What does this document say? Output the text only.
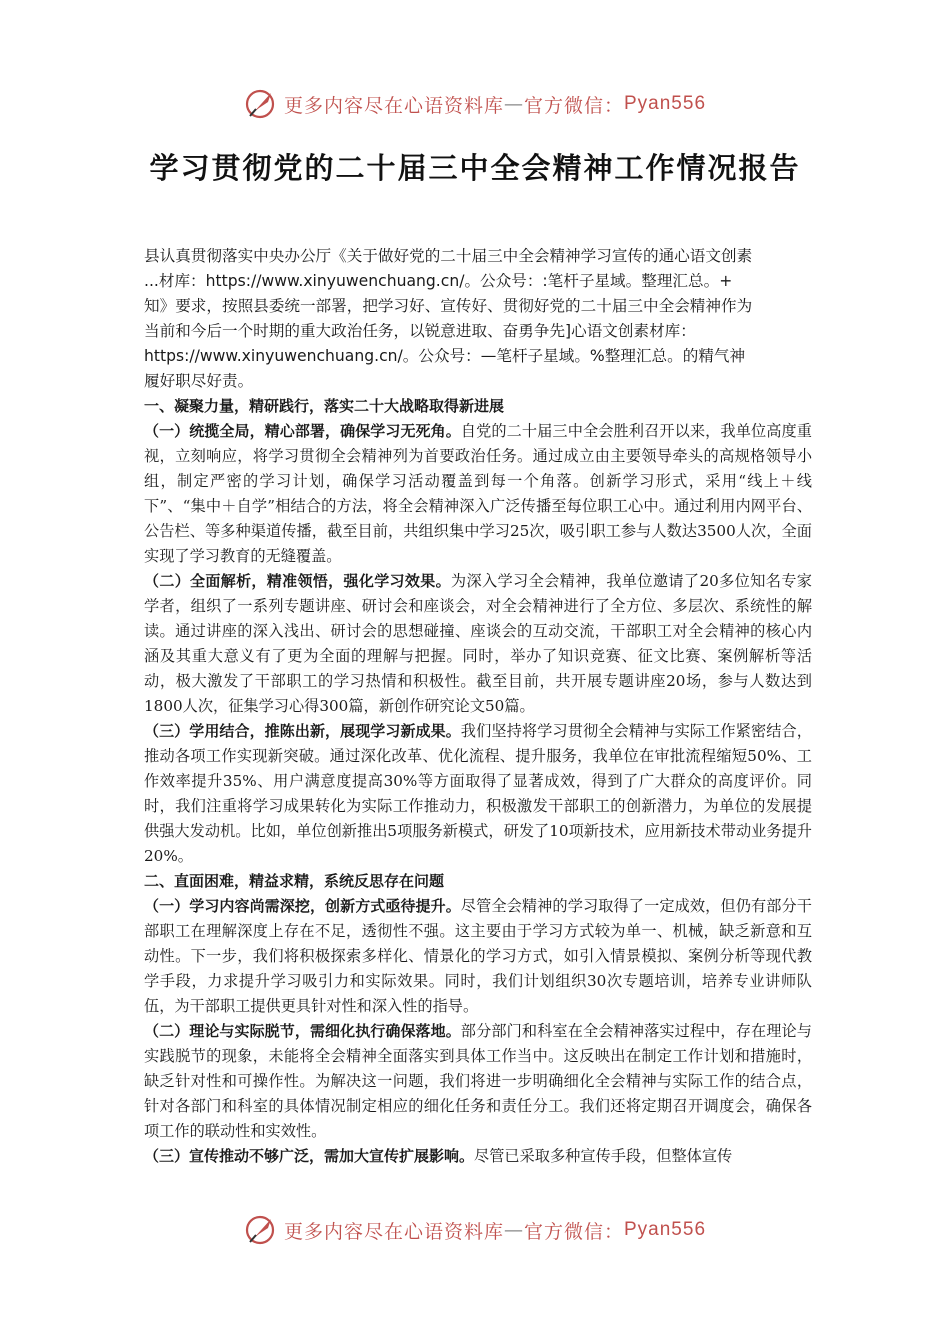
更多内容尽在心语资料库 — 官方微信： Pyan556
学习贯彻党的二十届三中全会精神工作情况报告

县认真贯彻落实中央办公厅《关于做好党的二十届三中全会精神学习宣传的通心语文创素

...材库：https://www.xinyuwenchuang.cn/。公众号：:笔杆子星域。整理汇总。+

知》要求，按照县委统一部署，把学习好、宣传好、贯彻好党的二十届三中全会精神作为

当前和今后一个时期的重大政治任务，以锐意进取、奋勇争先]心语文创素材库：

https://www.xinyuwenchuang.cn/。公众号：—笔杆子星域。%整理汇总。的精气神

履好职尽好责。

一、凝聚力量，精研践行，落实二十大战略取得新进展

（一）统揽全局，精心部署，确保学习无死角。自党的二十届三中全会胜利召开以来，我单位高度重视，立刻响应，将学习贯彻全会精神列为首要政治任务。通过成立由主要领导牵头的高规格领导小组，制定严密的学习计划，确保学习活动覆盖到每一个角落。创新学习形式，采用“线上＋线下”、“集中＋自学”相结合的方法，将全会精神深入广泛传播至每位职工心中。通过利用内网平台、公告栏、等多种渠道传播，截至目前，共组织集中学习25次，吸引职工参与人数达3500人次，全面实现了学习教育的无缝覆盖。

（二）全面解析，精准领悟，强化学习效果。为深入学习全会精神，我单位邀请了20多位知名专家学者，组织了一系列专题讲座、研讨会和座谈会，对全会精神进行了全方位、多层次、系统性的解读。通过讲座的深入浅出、研讨会的思想碰撞、座谈会的互动交流，干部职工对全会精神的核心内涵及其重大意义有了更为全面的理解与把握。同时，举办了知识竞赛、征文比赛、案例解析等活动，极大激发了干部职工的学习热情和积极性。截至目前，共开展专题讲座20场，参与人数达到1800人次，征集学习心得300篇，新创作研究论文50篇。

（三）学用结合，推陈出新，展现学习新成果。我们坚持将学习贯彻全会精神与实际工作紧密结合，推动各项工作实现新突破。通过深化改革、优化流程、提升服务，我单位在审批流程缩短50%、工作效率提升35%、用户满意度提高30%等方面取得了显著成效，得到了广大群众的高度评价。同时，我们注重将学习成果转化为实际工作推动力，积极激发干部职工的创新潜力，为单位的发展提供强大发动机。比如，单位创新推出5项服务新模式，研发了10项新技术，应用新技术带动业务提升20%。

二、直面困难，精益求精，系统反思存在问题

（一）学习内容尚需深挖，创新方式亟待提升。尽管全会精神的学习取得了一定成效，但仍有部分干部职工在理解深度上存在不足，透彻性不强。这主要由于学习方式较为单一、机械，缺乏新意和互动性。下一步，我们将积极探索多样化、情景化的学习方式，如引入情景模拟、案例分析等现代教学手段，力求提升学习吸引力和实际效果。同时，我们计划组织30次专题培训，培养专业讲师队伍，为干部职工提供更具针对性和深入性的指导。

（二）理论与实际脱节，需细化执行确保落地。部分部门和科室在全会精神落实过程中，存在理论与实践脱节的现象，未能将全会精神全面落实到具体工作当中。这反映出在制定工作计划和措施时，缺乏针对性和可操作性。为解决这一问题，我们将进一步明确细化全会精神与实际工作的结合点，针对各部门和科室的具体情况制定相应的细化任务和责任分工。我们还将定期召开调度会，确保各项工作的联动性和实效性。

（三）宣传推动不够广泛，需加大宣传扩展影响。尽管已采取多种宣传手段，但整体宣传

更多内容尽在心语资料库 — 官方微信： Pyan556
